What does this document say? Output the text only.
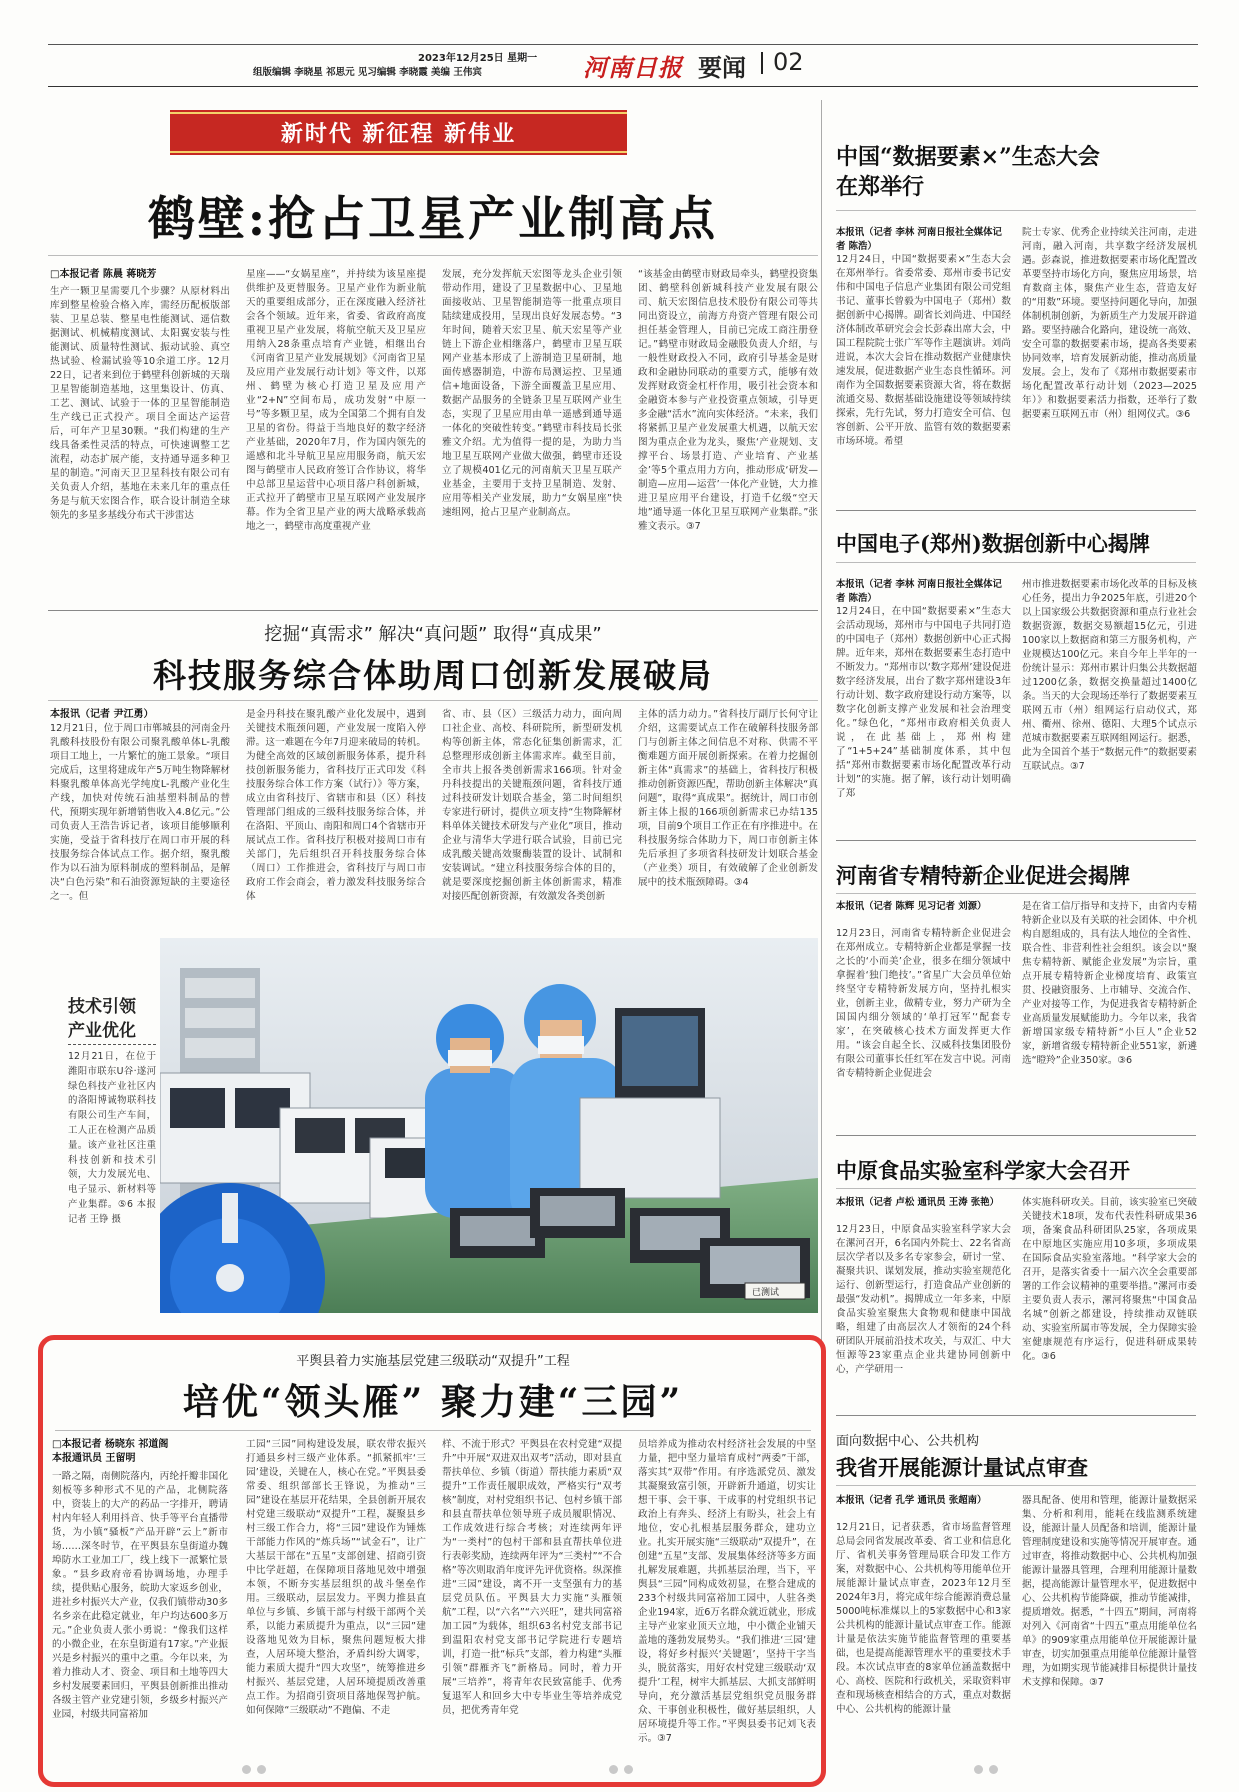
2023年12月25日 星期一
组版编辑 李晓星 祁思元 见习编辑 李晓霞 美编 王伟宾	河南日报 要闻 02
新时代 新征程 新伟业
鹤壁:抢占卫星产业制高点
□本报记者 陈晨 蒋晓芳
生产一颗卫星需要几个步骤？从原材料出库到整星检验合格入库，需经历配板版部装、卫星总装、整星电性能测试、遥信数据测试、机械精度测试、太阳翼安装与性能测试、质量特性测试、振动试验、真空热试验、检漏试验等10余道工序。12月22日，记者来到位于鹤壁科创新城的天瑞卫星智能制造基地，这里集设计、仿真、工艺、测试、试验于一体的卫星智能制造生产线已正式投产。项目全面达产运营后，可年产卫星30颗。“我们构建的生产线具备柔性灵活的特点，可快速调整工艺流程，动态扩展产能，支持通导遥多种卫星的制造。”河南天卫卫星科技有限公司有关负责人介绍，基地在未来几年的重点任务是与航天宏图合作，联合设计制造全球领先的多星多基线分布式干涉雷达
星座——“女娲星座”，并持续为该星座提供维护及更替服务。卫星产业作为新业航天的重要组成部分，正在深度融入经济社会各个领域。近年来，省委、省政府高度重视卫星产业发展，将航空航天及卫星应用纳入28条重点培育产业链，相继出台《河南省卫星产业发展规划》《河南省卫星及应用产业发展行动计划》等文件，以郑州、鹤壁为核心打造卫星及应用产业“2+N”空间布局，成功发射“中原一号”等多颗卫星，成为全国第二个拥有自发卫星的省份。得益于当地良好的数字经济产业基础，2020年7月，作为国内领先的遥感和北斗导航卫星应用服务商，航天宏图与鹤壁市人民政府签订合作协议，将华中总部卫星运营中心项目落户科创新城，正式拉开了鹤壁市卫星互联网产业发展序幕。作为全省卫星产业的两大战略承载高地之一，鹤壁市高度重视产业
发展，充分发挥航天宏图等龙头企业引领带动作用，建设了卫星数据中心、卫星地面接收站、卫星智能制造等一批重点项目陆续建成投用，呈现出良好发展态势。“3年时间，随着天宏卫星、航天宏星等产业链上下游企业相继落户，鹤壁市卫星互联网产业基本形成了上游制造卫星研制，地面传感器制造，中游布局测运控、卫星通信+地面设备，下游全面覆盖卫星应用、数据产品服务的全链条卫星互联网产业生态，实现了卫星应用由单一遥感到通导遥一体化的突破性转变。”鹤壁市科技局长张雅文介绍。尤为值得一提的是，为助力当地卫星互联网产业做大做强，鹤壁市还设立了规模401亿元的河南航天卫星互联产业基金，主要用于支持卫星制造、发射、应用等相关产业发展，助力“女娲星座”快速组网，抢占卫星产业制高点。
“该基金由鹤壁市财政局牵头，鹤壁投资集团、鹤壁科创新城科技产业发展有限公司、航天宏图信息技术股份有限公司等共同出资设立，前海方舟资产管理有限公司担任基金管理人，目前已完成工商注册登记。”鹤壁市财政局金融股负责人介绍，与一般性财政投入不同，政府引导基金是财政和金融协同联动的重要方式，能够有效发挥财政资金杠杆作用，吸引社会资本和金融资本参与产业投资重点领域，引导更多金融“活水”流向实体经济。“未来，我们将紧抓卫星产业发展重大机遇，以航天宏图为重点企业为龙头，聚焦‘产业规划、支撑平台、场景打造、产业培育、产业基金’等5个重点用力方向，推动形成‘研发—制造—应用—运营’一体化产业链，大力推进卫星应用平台建设，打造千亿级“空天地”通导遥一体化卫星互联网产业集群。”张雅文表示。③7
挖掘“真需求” 解决“真问题” 取得“真成果”
科技服务综合体助周口创新发展破局
本报讯（记者 尹江勇）
12月21日，位于周口市郸城县的河南金丹乳酸科技股份有限公司聚乳酸单体L-乳酸项目工地上，一片繁忙的施工景象。“项目完成后，这里将建成年产5万吨生物降解材料聚乳酸单体高光学纯度L-乳酸产业化生产线，加快对传统石油基塑料制品的替代，预期实现年新增销售收入4.8亿元。”公司负责人王浩告诉记者，该项目能够顺利实施，受益于省科技厅在周口市开展的科技服务综合体试点工作。据介绍，聚乳酸作为以石油为原料制成的塑料制品，是解决“白色污染”和石油资源短缺的主要途径之一。但
是金丹科技在聚乳酸产业化发展中，遇到关键技术瓶颈问题，产业发展一度陷入停滞。这一难题在今年7月迎来破局的转机。为健全高效的区域创新服务体系，提升科技创新服务能力，省科技厅正式印发《科技服务综合体工作方案（试行）》等方案，成立由省科技厅、省辖市和县（区）科技管理部门组成的三级科技服务综合体，并在洛阳、平顶山、南阳和周口4个省辖市开展试点工作。省科技厅积极对接周口市有关部门，先后组织召开科技服务综合体（周口）工作推进会，省科技厅与周口市政府工作会商会，着力激发科技服务综合体
省、市、县（区）三级活力动力，面向周口社企业、高校、科研院所，新型研发机构等创新主体，常态化征集创新需求，汇总整理形成创新主体需求库。截至目前，全市共上报各类创新需求166项。针对金丹科技提出的关键瓶颈问题，省科技厅通过科技研发计划联合基金，第二时间组织专家进行研讨，提供立项支持“生物降解材料单体关键技术研发与产业化”项目，推动企业与清华大学进行联合试验，目前已完成乳酸关键高效聚酶装置的设计、试制和安装调试。“建立科技服务综合体的目的，就是要深度挖掘创新主体创新需求，精准对接匹配创新资源，有效激发各类创新
主体的活力动力。”省科技厅副厅长何守让介绍，这需要试点工作在破解科技服务部门与创新主体之间信息不对称、供需不平衡难题方面开展创新探索。在着力挖掘创新主体“真需求”的基础上，省科技厅积极推动创新资源匹配，帮助创新主体解决“真问题”，取得“真成果”。据统计，周口市创新主体上报的166项创新需求已办结135项，目前9个项目工作正在有序推进中。在科技服务综合体助力下，周口市创新主体先后承担了多项省科技研发计划联合基金（产业类）项目，有效破解了企业创新发展中的技术瓶颈障碍。③4
技术引领
产业优化
12月21日，在位于潍阳市联东U谷·遂河绿色科技产业社区内的洛阳博诚物联科技有限公司生产车间，工人正在检测产品质量。该产业社区注重科技创新和技术引领，大力发展光电、电子显示、新材料等产业集群。⑤6 本报记者 王铮 摄
已测试
平舆县着力实施基层党建三级联动“双提升”工程
培优“领头雁” 聚力建“三园”
□本报记者 杨晓东 祁道阁
本报通讯员 王留明
一路之隔，南侧院落内，丙纶扦瓣非国化刻板等多种形式不见的产品，北侧院落中，资装上的大产的药品一字排开，聘请村内年轻人利用抖音、快手等平台直播带货，为小镇“骚板”产品开辟“云上”新市场……深冬时节，在平舆县东皇街道办魏埠防水工业加工厂，线上线下一派繁忙景象。“县乡政府帝看协调场地，办理手续，提供贴心服务，皖助大家返乡创业，进社乡村振兴大产业，仅我们镇带动30多名乡亲在此稳定就业，年户均达600多万元。”企业负责人张小勇说：“像我们这样的小微企业，在东皇街道有17家。”产业振兴是乡村振兴的重中之重。今年以来，为着力推动人才、资金、项目和土地等四大乡村发展要素回归，平舆县创新推出推动各级主管产业党建引领，乡级乡村振兴产业园，村级共同富裕加
工园“三园”同构建设发展，联农带农振兴打通县乡村三级产业体系。“抓紧抓牢‘三园’建设，关键在人，核心在党。”平舆县委常委、组织部部长王锋说，为推动“三园”建设在基层开花结果，全县创新开展农村党建三级联动“双提升”工程，凝聚县乡村三级工作合力，将“三园”建设作为锤炼干部能力作风的“炼兵场”“试金石”，让广大基层干部在“五星”支部创建、招商引资中比学赶超，在保障项目落地见效中增强本领，不断夯实基层组织的战斗堡垒作用。三级联动，层层发力。平舆力推县直单位与乡镇、乡镇干部与村级干部两个关系，以能力素质提升为重点，以“三园”建设落地见效为目标，聚焦问题短板大排查，人居环境大整治，矛盾纠纷大调零，能力素质大提升“四大攻坚”，统筹推进乡村振兴、基层党建，人居环境提质改善重点工作。为招商引资项目落地保驾护航。如何保障“三级联动”不跑偏、不走
样、不流于形式？平舆县在农村党建“双提升”中开展“双进双出双考”活动，即对县直帮扶单位、乡镇（街道）帮扶能力素质“双提升”工作责任履职成效，严格实行“双考核”制度，对村党组织书记、包村乡镇干部和县直帮扶单位领导班子成员履职情况、工作成效进行综合考核；对连续两年评为“一类村”的包村干部和县直帮扶单位进行表彰奖励，连续两年评为“三类村”“不合格”等次则取消年度评先评优资格。纵深推进“三园”建设，离不开一支坚强有力的基层党员队伍。平舆县大力实施“头雁领航”工程，以“六名”“六兴旺”，建共同富裕加工园”为载体，组织63名村党支部书记到温阳农村党支部书记学院进行专题培训，打造一批“标兵”支部，着力构建“头雁引领”群雁齐飞”新格局。同时，着力开展“三培养”，将青年农民致富能手、优秀复退军人和回乡大中专毕业生等培养成党员，把优秀青年党
员培养成为推动农村经济社会发展的中坚力量，把中坚力量培育成村“两委”干部，落实其“双带”作用。有序选派党员、激发其凝聚致富引领，开辟新升通道，切实让想干事、会干事、干成事的村党组织书记政治上有奔头、经济上有盼头，社会上有地位，安心扎根基层服务群众，建功立业。扎实开展实施“三级联动”双提升”，在创建“五星”支部、发展集体经济等多方面扎解发展难题，共抓基层治理，当下，平舆县“三园”同构成效初显，在整合建成的233个村级共同富裕加工园中，人驻各类企业194家，近6万名群众就近就业，形成主导产业家业顶天立地，中小微企业铺天盖地的蓬勃发展势头。“我们推进‘三园’建设，将好乡村振兴‘关键题’，坚持干字当头，脱贫落实，用好农村党建三级联动‘双提升’工程，树牢大抓基层、大抓支部鲜明导向，充分激活基层党组织党员服务群众、干事创业积极性，做好基层组织，人居环境提升等工作。”平舆县委书记刘飞表示。③7
中国“数据要素×”生态大会
在郑举行
本报讯（记者 李林 河南日报社全媒体记者 陈浩）
12月24日，中国“数据要素×”生态大会在郑州举行。省委常委、郑州市委书记安伟和中国电子信息产业集团有限公司党组书记、董事长曾毅为中国电子（郑州）数据创新中心揭牌。副省长刘尚进、中国经济体制改革研究会会长彭森出席大会，中国工程院院士张广军等作主题演讲。刘尚进说，本次大会旨在推动数据产业健康快速发展，促进数据产业生态良性循环。河南作为全国数据要素资源大省，将在数据流通交易、数据基础设施建设等领域持续探索，先行先试，努力打造安全可信、包容创新、公平开放、监管有效的数据要素市场环境。希望
院士专家、优秀企业持续关注河南，走进河南，融入河南，共享数字经济发展机遇。彭森说，推进数据要素市场化配置改革要坚持市场化方向，聚焦应用场景，培育数商主体，聚焦产业生态，营造友好的“用数”环境。要坚持问题化导向，加强体制机制创新，为新质生产力发展开辟道路。要坚持融合化路向，建设统一高效、安全可靠的数据要素市场，提高各类要素协同效率，培育发展新动能，推动高质量发展。会上，发布了《郑州市数据要素市场化配置改革行动计划（2023—2025年）》和数据要素活力指数，还举行了数据要素互联网五市（州）组网仪式。③6
中国电子(郑州)数据创新中心揭牌
本报讯（记者 李林 河南日报社全媒体记者 陈浩）
12月24日，在中国“数据要素×”生态大会活动现场，郑州市与中国电子共同打造的中国电子（郑州）数据创新中心正式揭牌。近年来，郑州在数据要素生态打造中不断发力。“郑州市以‘数字郑州’建设促进数字经济发展，出台了数字郑州建设3年行动计划、数字政府建设行动方案等，以数字化创新支撑产业发展和社会治理变化。”绿色化，“郑州市政府相关负责人说，在此基础上，郑州构建了“1+5+24”基础制度体系，其中包括“郑州市数据要素市场化配置改革行动计划”的实施。据了解，该行动计划明确了郑
州市推进数据要素市场化改革的目标及核心任务，提出力争2025年底，引进20个以上国家级公共数据资源和重点行业社会数据资源，数据交易额超15亿元，引进100家以上数据商和第三方服务机构，产业规模达100亿元。来自今年上半年的一份统计显示：郑州市累计归集公共数据超过1200亿条，数据交换量超过1400亿条。当天的大会现场还举行了数据要素互联网五市（州）组网运行启动仪式，郑州、衢州、徐州、德阳、大理5个试点示范城市数据要素互联网组网运行。据悉，此为全国首个基于“数据元件”的数据要素互联试点。③7
河南省专精特新企业促进会揭牌
本报讯（记者 陈辉 见习记者 刘源）
12月23日，河南省专精特新企业促进会在郑州成立。专精特新企业都是掌握一技之长的‘小而美’企业，很多在细分领域中拿握着‘独门绝技’。”省星广大会员单位始终坚守专精特新发展方向，坚持扎根实业，创新主业，做精专业，努力产研为全国国内细分领域的‘单打冠军’‘配套专家’，在突破核心技术方面发挥更大作用。“该会自起全长、汉威科技集团股份有限公司董事长任红军在发言中说。河南省专精特新企业促进会
是在省工信厅指导和支持下，由省内专精特新企业以及有关联的社会团体、中介机构自愿组成的，具有法人地位的全省性、联合性、非营利性社会组织。该会以“聚焦专精特新、赋能企业发展”为宗旨，重点开展专精特新企业梯度培育、政策宣贯、投融资服务、上市辅导、交流合作、产业对接等工作，为促进我省专精特新企业高质量发展赋能助力。今年以来，我省新增国家级专精特新“小巨人”企业52家，新增省级专精特新企业551家，新遴选“瞪羚”企业350家。③6
中原食品实验室科学家大会召开
本报讯（记者 卢松 通讯员 王涛 张艳）
12月23日，中原食品实验室科学家大会在漯河召开，6名国内外院士、22名省高层次学者以及多名专家参会，研讨一堂、凝聚共识、谋划发展，推动实验室规范化运行、创新型运行，打造食品产业创新的最强“发动机”。揭牌成立一年多来，中原食品实验室聚焦大食物观和健康中国战略，组建了由高层次人才领衔的24个科研团队开展前沿技术攻关，与双汇、中大恒源等23家重点企业共建协同创新中心，产学研用一
体实施科研攻关。目前，该实验室已突破关键技术18项，发布代表性科研成果36项，备案食品科研团队25家，各项成果在中原地区实施应用10多项，多项成果在国际食品实验室落地。“科学家大会的召开，是落实省委十一届六次全会重要部署的工作会议精神的重要举措。”漯河市委主要负责人表示，漯河将聚焦“中国食品名城”创新之都建设，持续推动双链联动、实验室所属市等发展，全力保障实验室健康规范有序运行，促进科研成果转化。③6
面向数据中心、公共机构
我省开展能源计量试点审查
本报讯（记者 孔学 通讯员 张超南）
12月21日，记者获悉，省市场监督管理总局会同省发展改革委、省工业和信息化厅、省机关事务管理局联合印发工作方案，对数据中心、公共机构等用能单位开展能源计量试点审查，2023年12月至2024年3月，将完成年综合能源消费总量5000吨标准煤以上的5家数据中心和3家公共机构的能源计量试点审查工作。能源计量是依法实施节能监督管理的重要基础，也是提高能源管理水平的重要技术手段。本次试点审查的8家单位涵盖数据中心、高校、医院和行政机关，采取资料审查和现场核查相结合的方式，重点对数据中心、公共机构的能源计量
器具配备、使用和管理，能源计量数据采集、分析和利用，能耗在线监测系统建设，能源计量人员配备和培训，能源计量管理制度建设和实施等情况开展审查。通过审查，将推动数据中心、公共机构加强能源计量器具管理，合理利用能源计量数据，提高能源计量管理水平，促进数据中心、公共机构节能降碳，推动节能减排，提质增效。据悉，“十四五”期间，河南将对列入《河南省“十四五”重点用能单位名单》的909家重点用能单位开展能源计量审查，切实加强重点用能单位能源计量管理，为如期实现节能减排目标提供计量技术支撑和保障。③7
